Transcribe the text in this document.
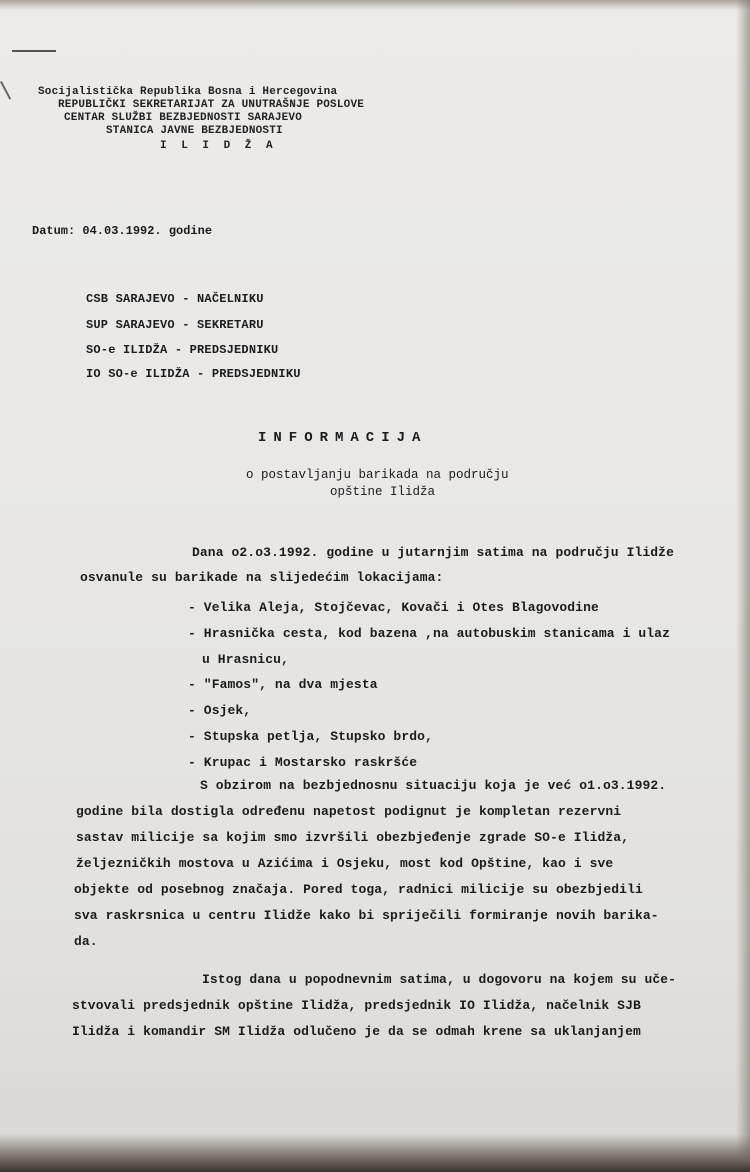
Socijalistička Republika Bosna i Hercegovina
REPUBLIČKI SEKRETARIJAT ZA UNUTRAŠNJE POSLOVE
CENTAR SLUŽBI BEZBJEDNOSTI SARAJEVO
STANICA JAVNE BEZBJEDNOSTI
I L I D Ž A
Datum: 04.03.1992. godine
CSB SARAJEVO - NAČELNIKU
SUP SARAJEVO - SEKRETARU
SO-e ILIDŽA - PREDSJEDNIKU
IO SO-e ILIDŽA - PREDSJEDNIKU
INFORMACIJA
o postavljanju barikada na području
opštine Ilidža
Dana o2.o3.1992. godine u jutarnjim satima na području Ilidže
osvanule su barikade na slijedećim lokacijama:
- Velika Aleja, Stojčevac, Kovači i Otes Blagovodine
- Hrasnička cesta, kod bazena ,na autobuskim stanicama i ulaz
u Hrasnicu,
- "Famos", na dva mjesta
- Osjek,
- Stupska petlja, Stupsko brdo,
- Krupac i Mostarsko raskršće
S obzirom na bezbjednosnu situaciju koja je već o1.o3.1992.
godine bila dostigla određenu napetost podignut je kompletan rezervni
sastav milicije sa kojim smo izvršili obezbjeđenje zgrade SO-e Ilidža,
željezničkih mostova u Azićima i Osjeku, most kod Opštine, kao i sve
objekte od posebnog značaja. Pored toga, radnici milicije su obezbjedili
sva raskrsnica u centru Ilidže kako bi spriječili formiranje novih barika-
da.
Istog dana u popodnevnim satima, u dogovoru na kojem su uče-
stvovali predsjednik opštine Ilidža, predsjednik IO Ilidža, načelnik SJB
Ilidža i komandir SM Ilidža odlučeno je da se odmah krene sa uklanjanjem
